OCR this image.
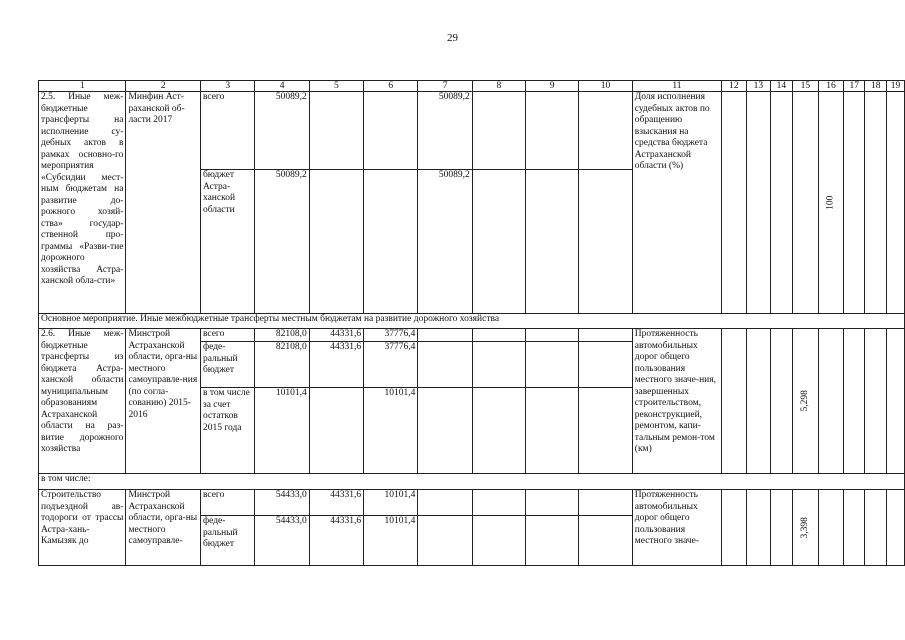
29
1	2	3	4	5	6	7	8	9	10	11	12	13	14	15	16	17	18	19
2.5. Иные меж-бюджетные трансферты на исполнение су-дебных актов в рамках основно-го мероприятия «Субсидии мест-ным бюджетам на развитие до-рожного хозяй-ства» государ-ственной про-граммы «Разви-тие дорожного хозяйства Астра-ханской обла-сти»	Минфин Аст-раханской об-ласти 2017	всего	50089,2			50089,2				Доля исполнения судебных актов по обращению взыскания на средства бюджета Астраханской области (%)					100			
		бюджет Астра-ханской области	50089,2			50089,2												
Основное мероприятие. Иные межбюджетные трансферты местным бюджетам на развитие дорожного хозяйства																		
2.6. Иные меж-бюджетные трансферты из бюджета Астра-ханской области муниципальным образованиям Астраханской области на раз-витие дорожного хозяйства	Минстрой Астраханской области, орга-ны местного самоуправле-ния (по согла-сованию) 2015-2016	всего	82108,0	44331,6	37776,4					Протяженность автомобильных дорог общего пользования местного значе-ния, завершенных строительством, реконструкцией, ремонтом, капи-тальным ремон-том (км)				5,298				
		феде-ральный бюджет	82108,0	44331,6	37776,4													
		в том числе за счет остатков 2015 года	10101,4		10101,4													
в том числе:																		
Строительство подъездной ав-тодороги от трассы Астра-хань-Камызяк до	Минстрой Астраханской области, орга-ны местного самоуправле-	всего	54433,0	44331,6	10101,4					Протяженность автомобильных дорог общего пользования местного значе-				3,398				
		феде-ральный бюджет	54433,0	44331,6	10101,4													
